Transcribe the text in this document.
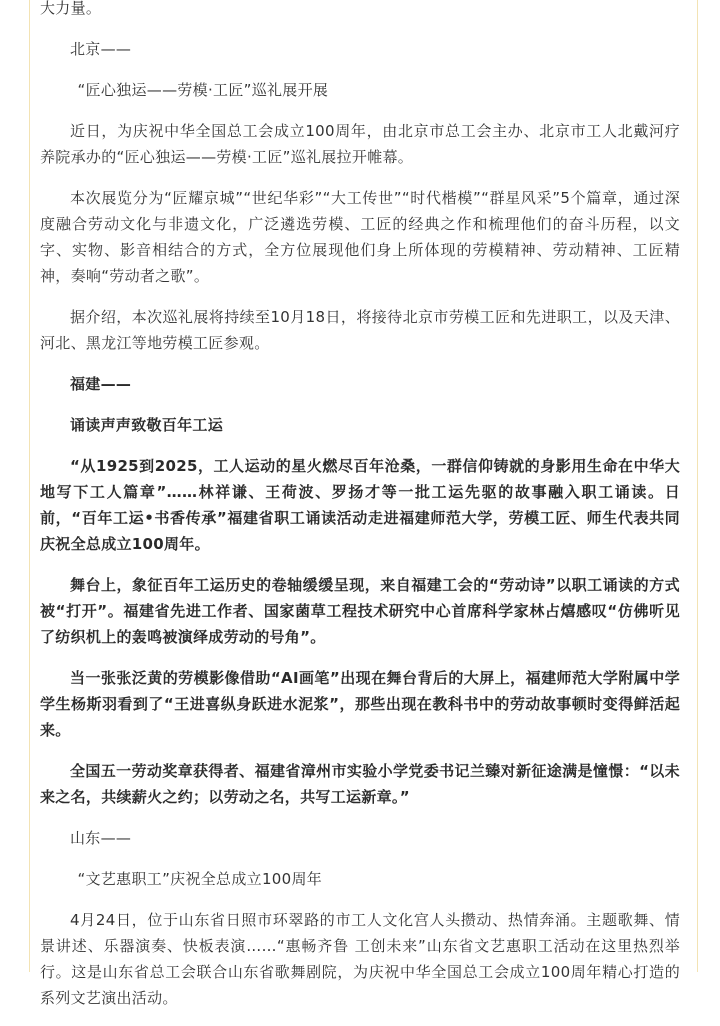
大力量。

北京——

“匠心独运——劳模·工匠”巡礼展开展

近日，为庆祝中华全国总工会成立100周年，由北京市总工会主办、北京市工人北戴河疗养院承办的“匠心独运——劳模·工匠”巡礼展拉开帷幕。

本次展览分为“匠耀京城”“世纪华彩”“大工传世”“时代楷模”“群星风采”5个篇章，通过深度融合劳动文化与非遗文化，广泛遴选劳模、工匠的经典之作和梳理他们的奋斗历程，以文字、实物、影音相结合的方式，全方位展现他们身上所体现的劳模精神、劳动精神、工匠精神，奏响“劳动者之歌”。

据介绍，本次巡礼展将持续至10月18日，将接待北京市劳模工匠和先进职工，以及天津、河北、黑龙江等地劳模工匠参观。

福建——

诵读声声致敬百年工运

“从1925到2025，工人运动的星火燃尽百年沧桑，一群信仰铸就的身影用生命在中华大地写下工人篇章”……林祥谦、王荷波、罗扬才等一批工运先驱的故事融入职工诵读。日前，“百年工运•书香传承”福建省职工诵读活动走进福建师范大学，劳模工匠、师生代表共同庆祝全总成立100周年。

舞台上，象征百年工运历史的卷轴缓缓呈现，来自福建工会的“劳动诗”以职工诵读的方式被“打开”。福建省先进工作者、国家菌草工程技术研究中心首席科学家林占熺感叹“仿佛听见了纺织机上的轰鸣被演绎成劳动的号角”。

当一张张泛黄的劳模影像借助“AI画笔”出现在舞台背后的大屏上，福建师范大学附属中学学生杨斯羽看到了“王进喜纵身跃进水泥浆”，那些出现在教科书中的劳动故事顿时变得鲜活起来。

全国五一劳动奖章获得者、福建省漳州市实验小学党委书记兰臻对新征途满是憧憬：“以未来之名，共续薪火之约；以劳动之名，共写工运新章。”

山东——

“文艺惠职工”庆祝全总成立100周年

4月24日，位于山东省日照市环翠路的市工人文化宫人头攒动、热情奔涌。主题歌舞、情景讲述、乐器演奏、快板表演……“惠畅齐鲁 工创未来”山东省文艺惠职工活动在这里热烈举行。这是山东省总工会联合山东省歌舞剧院，为庆祝中华全国总工会成立100周年精心打造的系列文艺演出活动。
